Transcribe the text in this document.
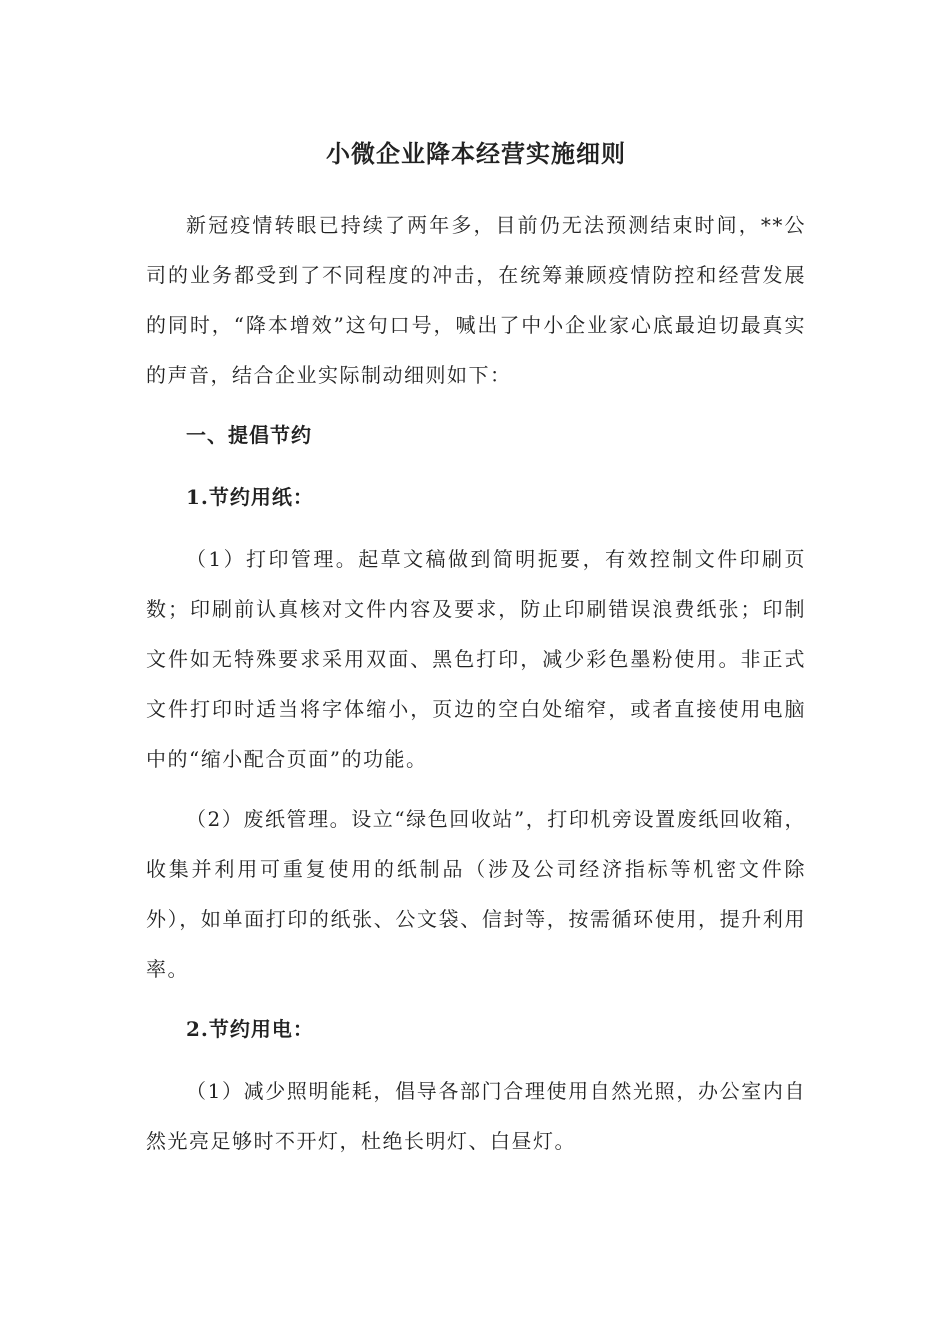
小微企业降本经营实施细则

新冠疫情转眼已持续了两年多，目前仍无法预测结束时间，**公司的业务都受到了不同程度的冲击，在统筹兼顾疫情防控和经营发展的同时，“降本增效”这句口号，喊出了中小企业家心底最迫切最真实的声音，结合企业实际制动细则如下：

一、提倡节约

1.节约用纸：

（1）打印管理。起草文稿做到简明扼要，有效控制文件印刷页数；印刷前认真核对文件内容及要求，防止印刷错误浪费纸张；印制文件如无特殊要求采用双面、黑色打印，减少彩色墨粉使用。非正式文件打印时适当将字体缩小，页边的空白处缩窄，或者直接使用电脑中的“缩小配合页面”的功能。

（2）废纸管理。设立“绿色回收站”，打印机旁设置废纸回收箱，收集并利用可重复使用的纸制品（涉及公司经济指标等机密文件除外），如单面打印的纸张、公文袋、信封等，按需循环使用，提升利用率。

2.节约用电：

（1）减少照明能耗，倡导各部门合理使用自然光照，办公室内自然光亮足够时不开灯，杜绝长明灯、白昼灯。
